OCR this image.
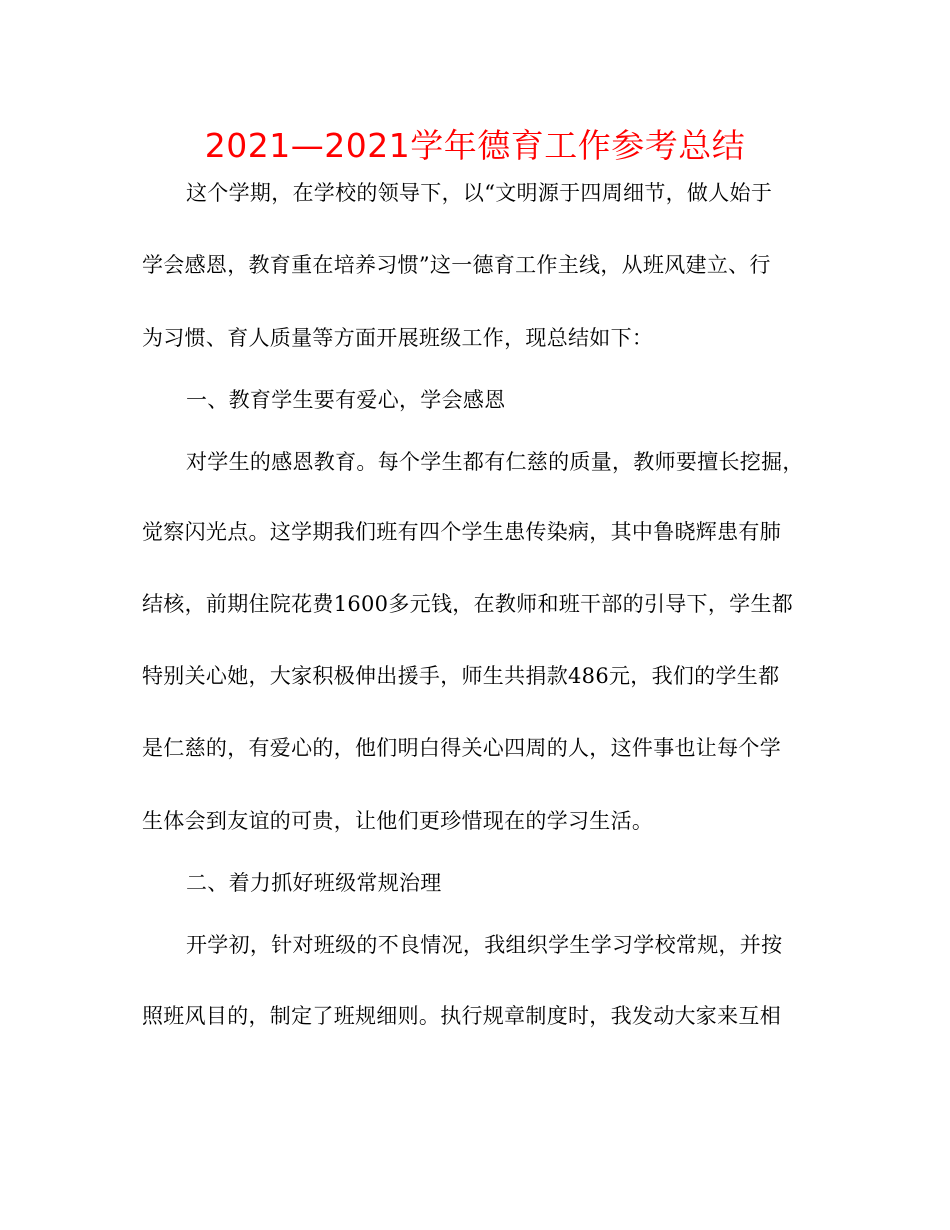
2021—2021学年德育工作参考总结
这个学期，在学校的领导下，以“文明源于四周细节，做人始于
学会感恩，教育重在培养习惯”这一德育工作主线，从班风建立、行
为习惯、育人质量等方面开展班级工作，现总结如下：
一、教育学生要有爱心，学会感恩
对学生的感恩教育。每个学生都有仁慈的质量，教师要擅长挖掘，
觉察闪光点。这学期我们班有四个学生患传染病，其中鲁晓辉患有肺
结核，前期住院花费1600多元钱，在教师和班干部的引导下，学生都
特别关心她，大家积极伸出援手，师生共捐款486元，我们的学生都
是仁慈的，有爱心的，他们明白得关心四周的人，这件事也让每个学
生体会到友谊的可贵，让他们更珍惜现在的学习生活。
二、着力抓好班级常规治理
开学初，针对班级的不良情况，我组织学生学习学校常规，并按
照班风目的，制定了班规细则。执行规章制度时，我发动大家来互相
